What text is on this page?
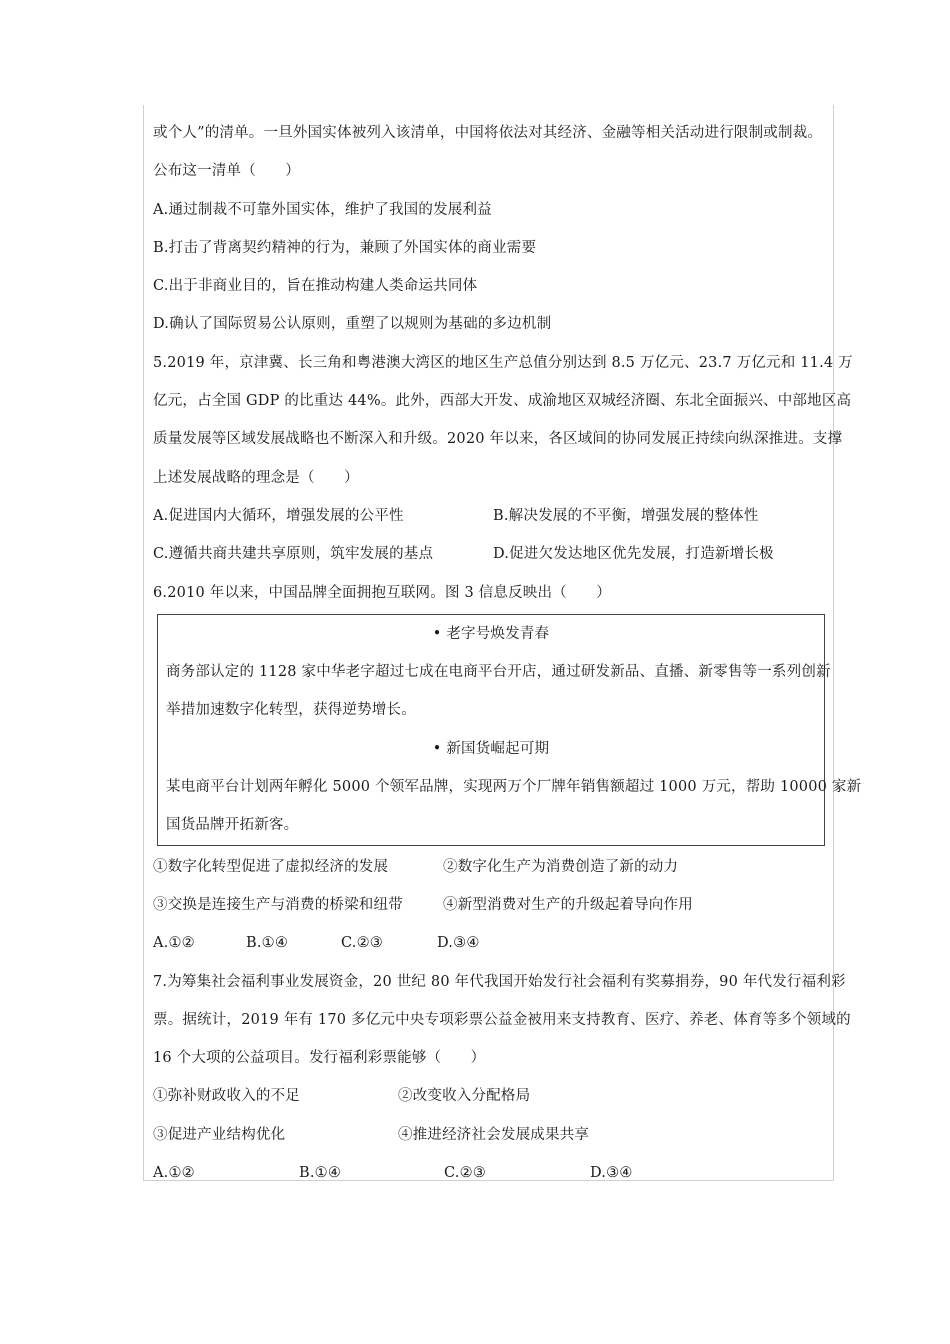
或个人”的清单。一旦外国实体被列入该清单，中国将依法对其经济、金融等相关活动进行限制或制裁。
公布这一清单（　　）
A.通过制裁不可靠外国实体，维护了我国的发展利益
B.打击了背离契约精神的行为，兼顾了外国实体的商业需要
C.出于非商业目的，旨在推动构建人类命运共同体
D.确认了国际贸易公认原则，重塑了以规则为基础的多边机制
5.2019 年，京津冀、长三角和粤港澳大湾区的地区生产总值分别达到 8.5 万亿元、23.7 万亿元和 11.4 万
亿元，占全国 GDP 的比重达 44%。此外，西部大开发、成渝地区双城经济圈、东北全面振兴、中部地区高
质量发展等区域发展战略也不断深入和升级。2020 年以来，各区域间的协同发展正持续向纵深推进。支撑
上述发展战略的理念是（　　）
A.促进国内大循环，增强发展的公平性	B.解决发展的不平衡，增强发展的整体性
C.遵循共商共建共享原则，筑牢发展的基点	D.促进欠发达地区优先发展，打造新增长极
6.2010 年以来，中国品牌全面拥抱互联网。图 3 信息反映出（　　）
• 老字号焕发青春
商务部认定的 1128 家中华老字超过七成在电商平台开店，通过研发新品、直播、新零售等一系列创新
举措加速数字化转型，获得逆势增长。
• 新国货崛起可期
某电商平台计划两年孵化 5000 个领军品牌，实现两万个厂牌年销售额超过 1000 万元，帮助 10000 家新
国货品牌开拓新客。
①数字化转型促进了虚拟经济的发展	②数字化生产为消费创造了新的动力
③交换是连接生产与消费的桥梁和纽带	④新型消费对生产的升级起着导向作用
A.①②	B.①④	C.②③	D.③④
7.为筹集社会福利事业发展资金，20 世纪 80 年代我国开始发行社会福利有奖募捐券，90 年代发行福利彩
票。据统计，2019 年有 170 多亿元中央专项彩票公益金被用来支持教育、医疗、养老、体育等多个领域的
16 个大项的公益项目。发行福利彩票能够（　　）
①弥补财政收入的不足	②改变收入分配格局
③促进产业结构优化	④推进经济社会发展成果共享
A.①②	B.①④	C.②③	D.③④
